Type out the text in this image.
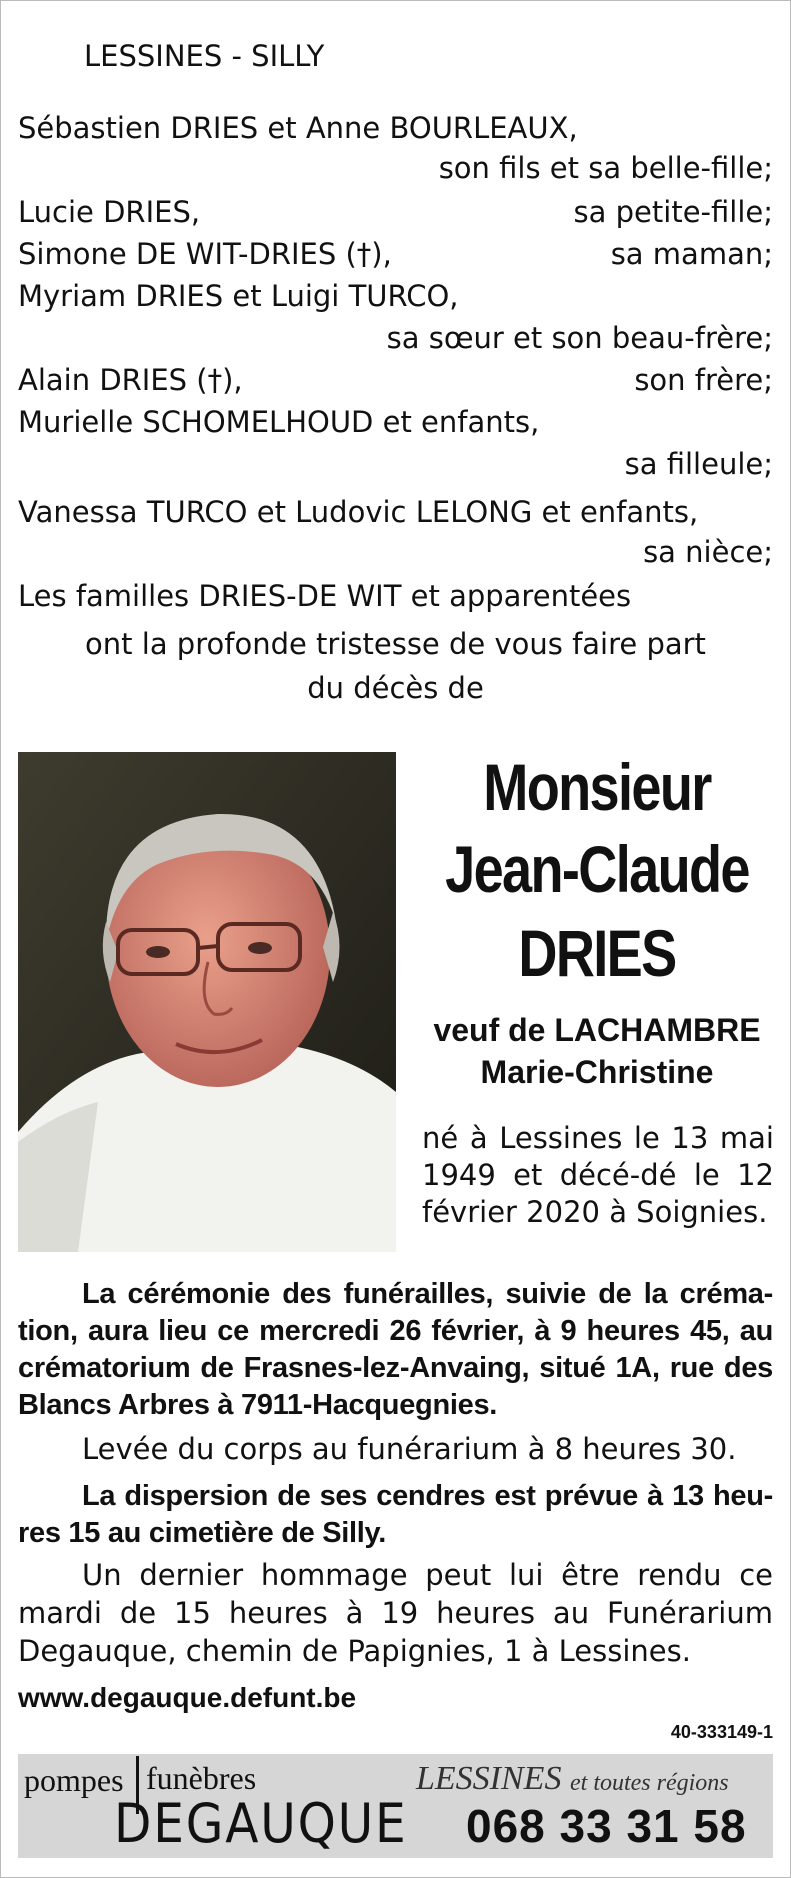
LESSINES - SILLY
Sébastien DRIES et Anne BOURLEAUX,
son fils et sa belle-fille;
Lucie DRIES,	sa petite-fille;
Simone DE WIT-DRIES (†),	sa maman;
Myriam DRIES et Luigi TURCO,
sa sœur et son beau-frère;
Alain DRIES (†),	son frère;
Murielle SCHOMELHOUD et enfants,
sa filleule;
Vanessa TURCO et Ludovic LELONG et enfants,
sa nièce;
Les familles DRIES-DE WIT et apparentées
ont la profonde tristesse de vous faire part
du décès de
Monsieur
Jean-Claude
DRIES
veuf de LACHAMBRE
Marie-Christine
né à Lessines le 13 mai 1949 et décé-dé le 12 février 2020 à Soignies.
La cérémonie des funérailles, suivie de la créma-tion, aura lieu ce mercredi 26 février, à 9 heures 45, au crématorium de Frasnes-lez-Anvaing, situé 1A, rue des Blancs Arbres à 7911-Hacquegnies.
Levée du corps au funérarium à 8 heures 30.
La dispersion de ses cendres est prévue à 13 heu-res 15 au cimetière de Silly.
Un dernier hommage peut lui être rendu ce mardi de 15 heures à 19 heures au Funérarium Degauque, chemin de Papignies, 1 à Lessines.
www.degauque.defunt.be
40-333149-1
pompes funèbres
DEGAUQUE
LESSINES et toutes régions
068 33 31 58
